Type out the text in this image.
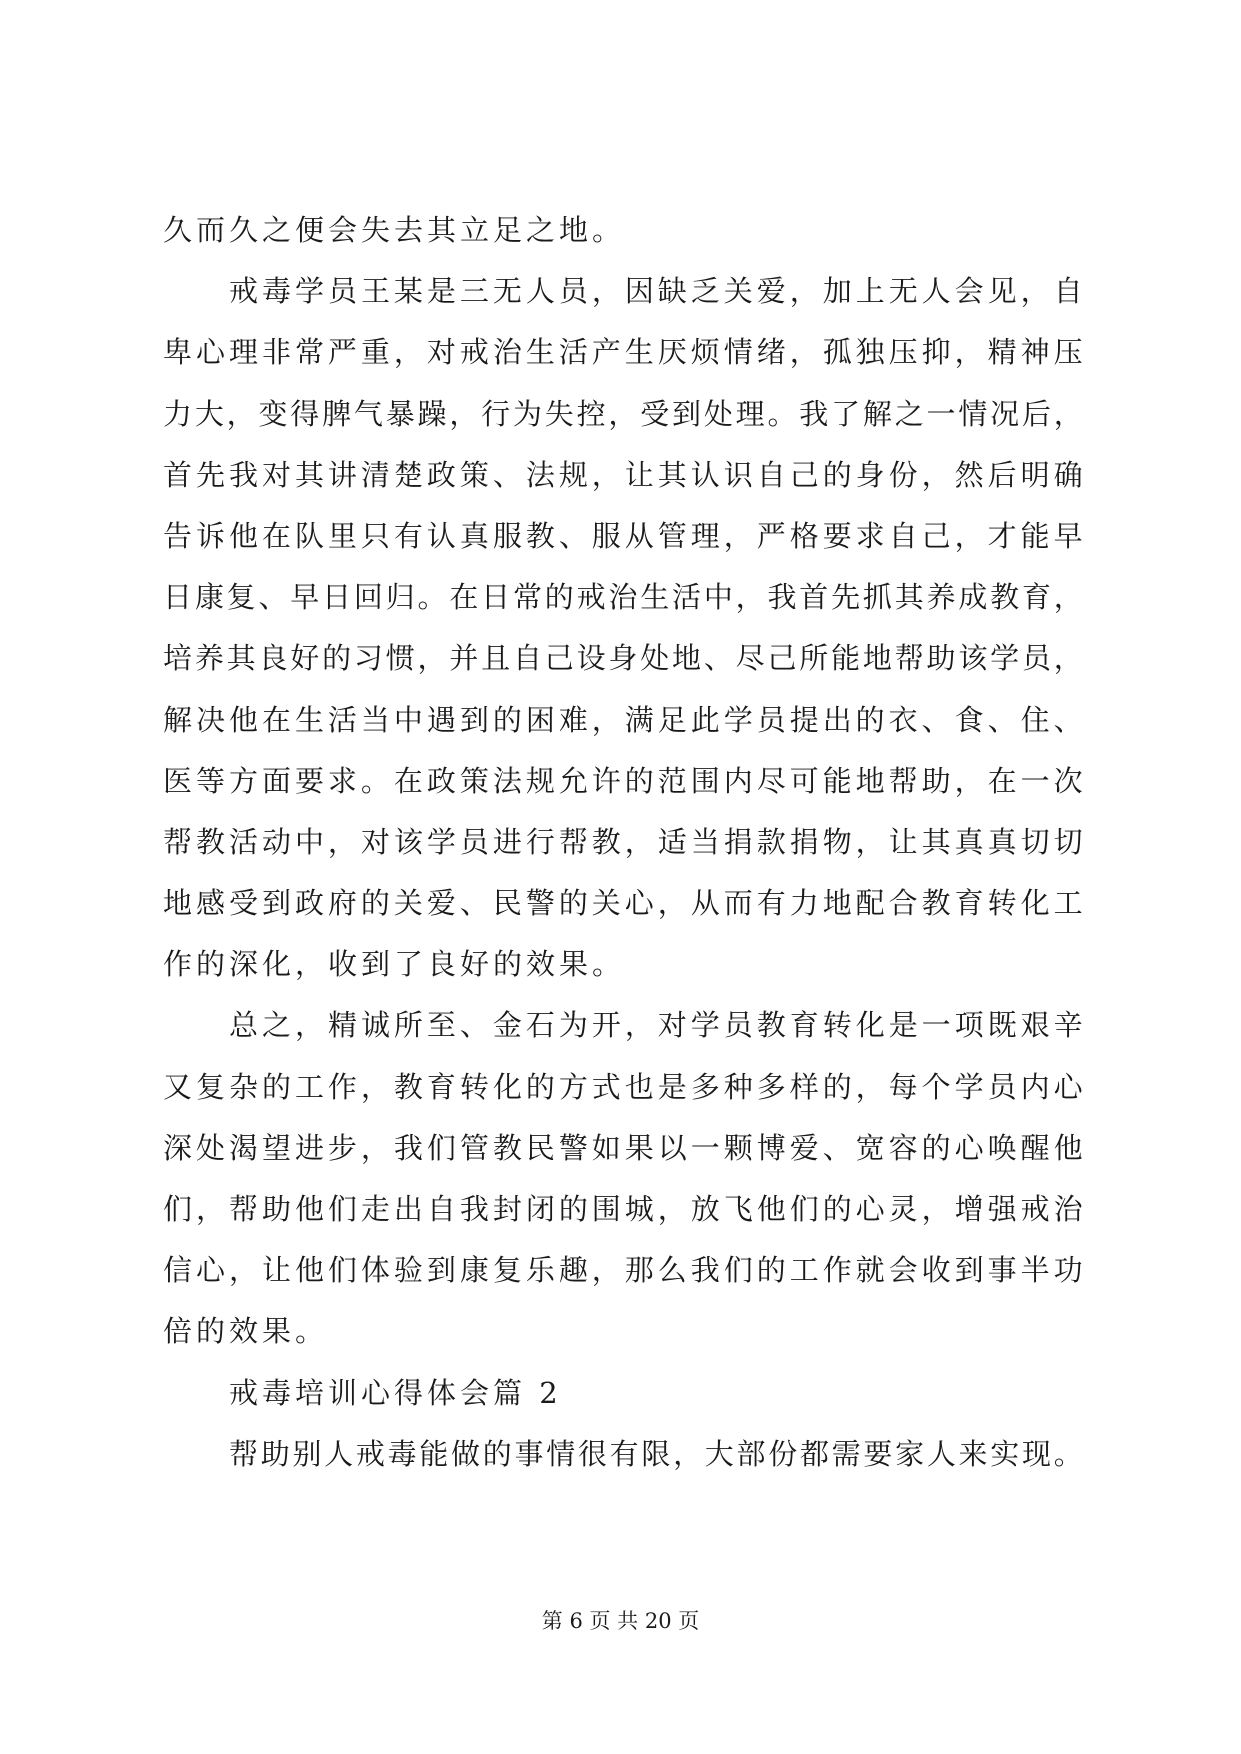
久而久之便会失去其立足之地。
戒 毒 学 员 王 某 是 三 无 人 员 ， 因 缺 乏 关 爱 ， 加 上 无 人 会 见 ， 自
卑 心 理 非 常 严 重 ， 对 戒 治 生 活 产 生 厌 烦 情 绪 ， 孤 独 压 抑 ， 精 神 压
力 大 ， 变 得 脾 气 暴 躁 ， 行 为 失 控 ， 受 到 处 理 。 我 了 解 之 一 情 况 后 ，
首 先 我 对 其 讲 清 楚 政 策 、 法 规 ， 让 其 认 识 自 己 的 身 份 ， 然 后 明 确
告 诉 他 在 队 里 只 有 认 真 服 教 、 服 从 管 理 ， 严 格 要 求 自 己 ， 才 能 早
日 康 复 、 早 日 回 归 。 在 日 常 的 戒 治 生 活 中 ， 我 首 先 抓 其 养 成 教 育 ，
培 养 其 良 好 的 习 惯 ， 并 且 自 己 设 身 处 地 、 尽 己 所 能 地 帮 助 该 学 员 ，
解 决 他 在 生 活 当 中 遇 到 的 困 难 ， 满 足 此 学 员 提 出 的 衣 、 食 、 住 、
医 等 方 面 要 求 。 在 政 策 法 规 允 许 的 范 围 内 尽 可 能 地 帮 助 ， 在 一 次
帮 教 活 动 中 ， 对 该 学 员 进 行 帮 教 ， 适 当 捐 款 捐 物 ， 让 其 真 真 切 切
地 感 受 到 政 府 的 关 爱 、 民 警 的 关 心 ， 从 而 有 力 地 配 合 教 育 转 化 工
作的深化，收到了良好的效果。
总 之 ， 精 诚 所 至 、 金 石 为 开 ， 对 学 员 教 育 转 化 是 一 项 既 艰 辛
又 复 杂 的 工 作 ， 教 育 转 化 的 方 式 也 是 多 种 多 样 的 ， 每 个 学 员 内 心
深 处 渴 望 进 步 ， 我 们 管 教 民 警 如 果 以 一 颗 博 爱 、 宽 容 的 心 唤 醒 他
们 ， 帮 助 他 们 走 出 自 我 封 闭 的 围 城 ， 放 飞 他 们 的 心 灵 ， 增 强 戒 治
信 心 ， 让 他 们 体 验 到 康 复 乐 趣 ， 那 么 我 们 的 工 作 就 会 收 到 事 半 功
倍的效果。
戒毒培训心得体会篇 2
帮 助 别 人 戒 毒 能 做 的 事 情 很 有 限 ， 大 部 份 都 需 要 家 人 来 实 现 。
第 6 页 共 20 页
